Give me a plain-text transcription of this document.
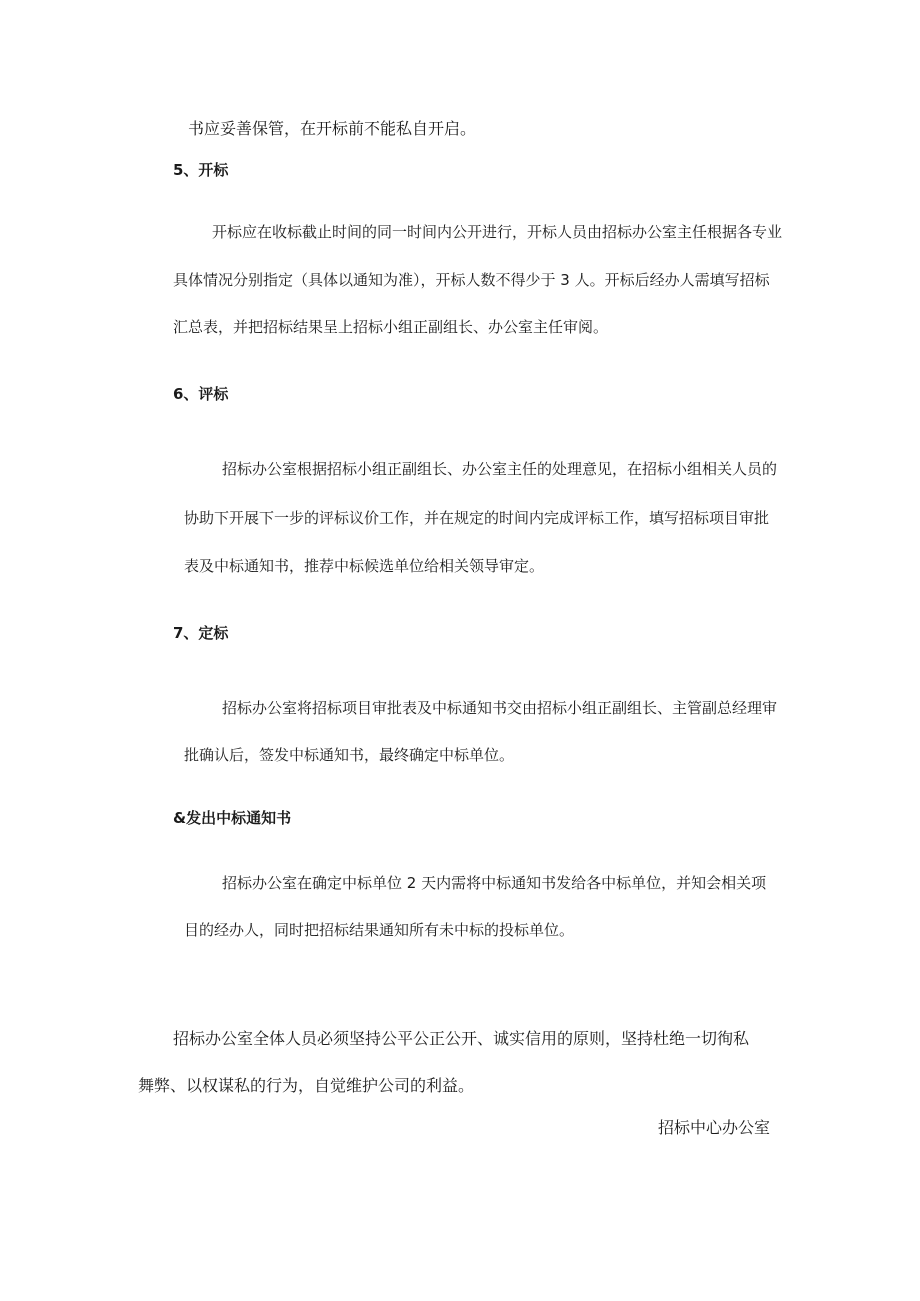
书应妥善保管，在开标前不能私自开启。
5、开标
开标应在收标截止时间的同一时间内公开进行，开标人员由招标办公室主任根据各专业
具体情况分别指定（具体以通知为准），开标人数不得少于 3 人。开标后经办人需填写招标
汇总表，并把招标结果呈上招标小组正副组长、办公室主任审阅。
6、评标
招标办公室根据招标小组正副组长、办公室主任的处理意见，在招标小组相关人员的
协助下开展下一步的评标议价工作，并在规定的时间内完成评标工作，填写招标项目审批
表及中标通知书，推荐中标候选单位给相关领导审定。
7、定标
招标办公室将招标项目审批表及中标通知书交由招标小组正副组长、主管副总经理审
批确认后，签发中标通知书，最终确定中标单位。
&发出中标通知书
招标办公室在确定中标单位 2 天内需将中标通知书发给各中标单位，并知会相关项
目的经办人，同时把招标结果通知所有未中标的投标单位。
招标办公室全体人员必须坚持公平公正公开、诚实信用的原则，坚持杜绝一切徇私
舞弊、以权谋私的行为，自觉维护公司的利益。
招标中心办公室
